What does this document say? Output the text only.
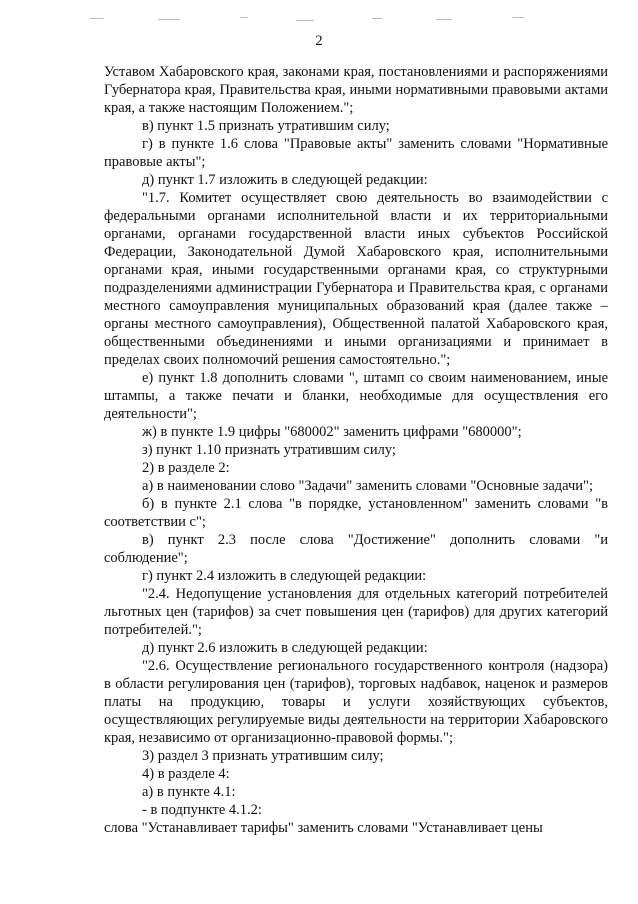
2

Уставом Хабаровского края, законами края, постановлениями и распоряжениями Губернатора края, Правительства края, иными нормативными правовыми актами края, а также настоящим Положением.";

в) пункт 1.5 признать утратившим силу;

г) в пункте 1.6 слова "Правовые акты" заменить словами "Нормативные правовые акты";

д) пункт 1.7 изложить в следующей редакции:

"1.7. Комитет осуществляет свою деятельность во взаимодействии с федеральными органами исполнительной власти и их территориальными органами, органами государственной власти иных субъектов Российской Федерации, Законодательной Думой Хабаровского края, исполнительными органами края, иными государственными органами края, со структурными подразделениями администрации Губернатора и Правительства края, с органами местного самоуправления муниципальных образований края (далее также – органы местного самоуправления), Общественной палатой Хабаровского края, общественными объединениями и иными организациями и принимает в пределах своих полномочий решения самостоятельно.";

е) пункт 1.8 дополнить словами ", штамп со своим наименованием, иные штампы, а также печати и бланки, необходимые для осуществления его деятельности";

ж) в пункте 1.9 цифры "680002" заменить цифрами "680000";

з) пункт 1.10 признать утратившим силу;

2) в разделе 2:

а) в наименовании слово "Задачи" заменить словами "Основные задачи";

б) в пункте 2.1 слова "в порядке, установленном" заменить словами "в соответствии с";

в) пункт 2.3 после слова "Достижение" дополнить словами "и соблюдение";

г) пункт 2.4 изложить в следующей редакции:

"2.4. Недопущение установления для отдельных категорий потребителей льготных цен (тарифов) за счет повышения цен (тарифов) для других категорий потребителей.";

д) пункт 2.6 изложить в следующей редакции:

"2.6. Осуществление регионального государственного контроля (надзора) в области регулирования цен (тарифов), торговых надбавок, наценок и размеров платы на продукцию, товары и услуги хозяйствующих субъектов, осуществляющих регулируемые виды деятельности на территории Хабаровского края, независимо от организационно-правовой формы.";

3) раздел 3 признать утратившим силу;

4) в разделе 4:

а) в пункте 4.1:

- в подпункте 4.1.2:

слова "Устанавливает тарифы" заменить словами "Устанавливает цены
